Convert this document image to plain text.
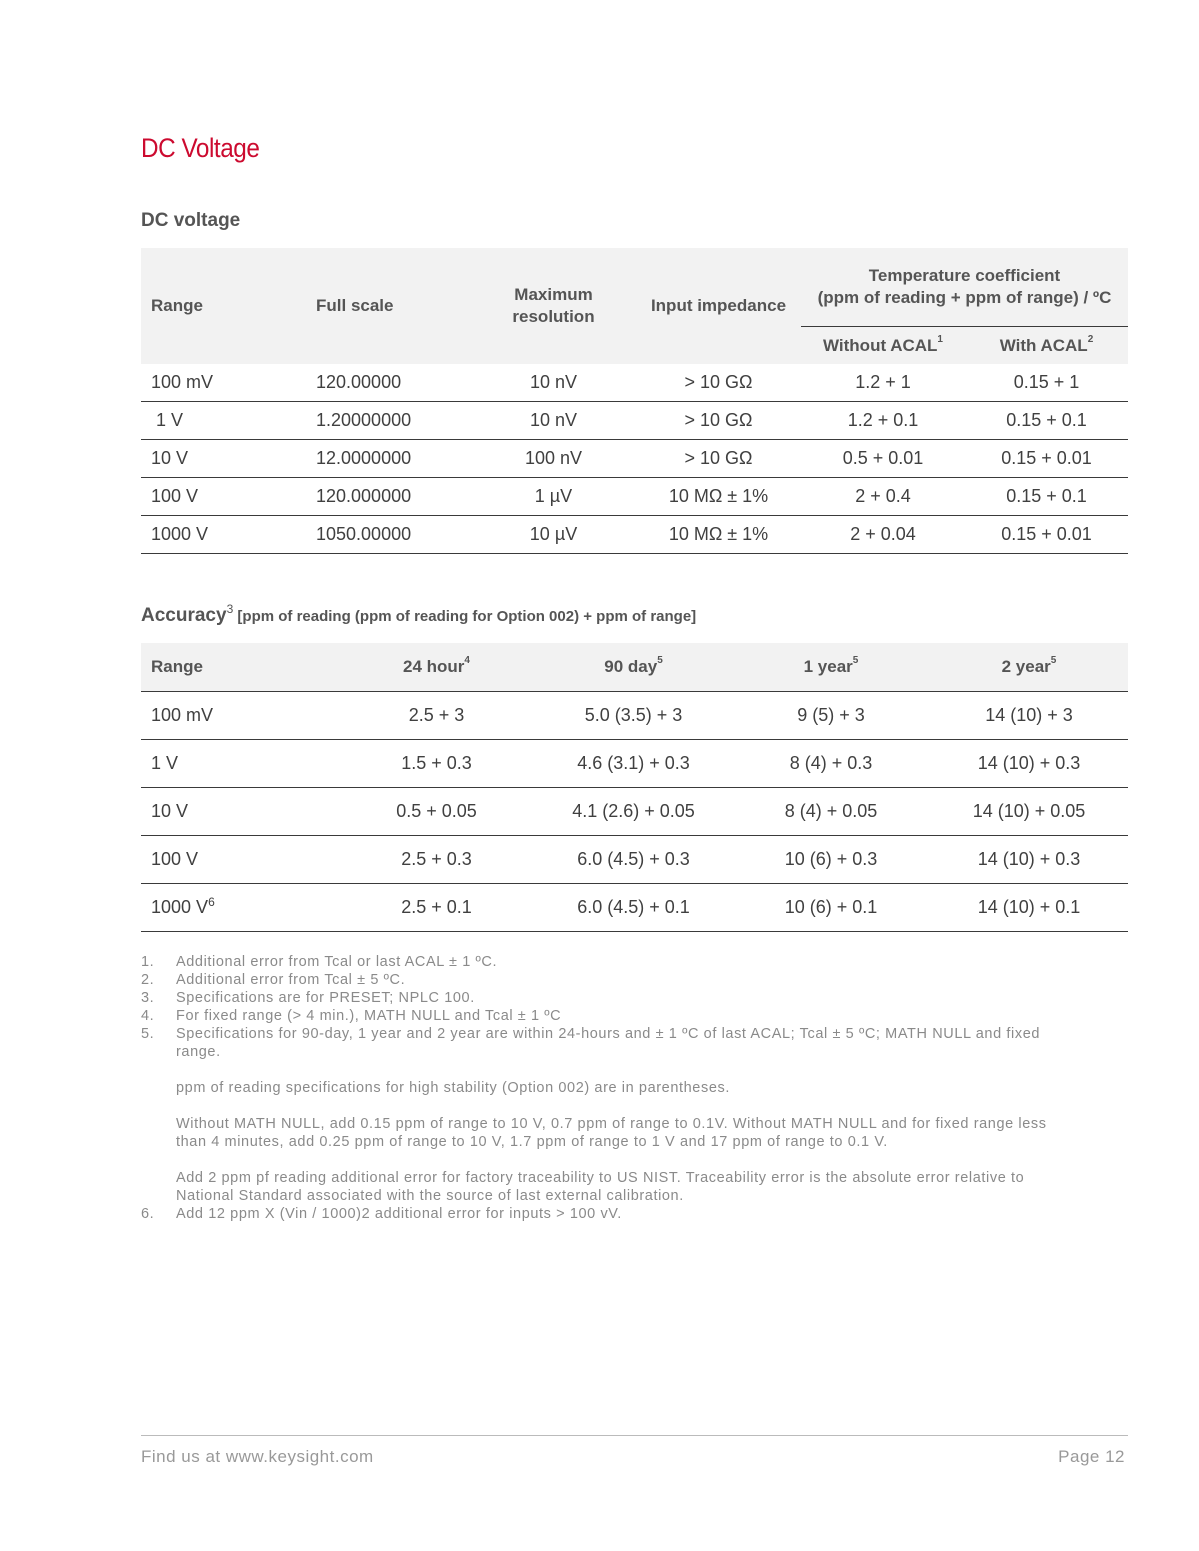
DC Voltage
DC voltage
Range	Full scale	Maximum resolution	Input impedance	Temperature coefficient
(ppm of reading + ppm of range) / ºC	

				Without ACAL$^1$	With ACAL$^2$
100 mV	120.00000	10 nV	> 10 GΩ	1.2 + 1	0.15 + 1
1 V	1.20000000	10 nV	> 10 GΩ	1.2 + 0.1	0.15 + 0.1
10 V	12.0000000	100 nV	> 10 GΩ	0.5 + 0.01	0.15 + 0.01
100 V	120.000000	1 µV	10 MΩ ± 1%	2 + 0.4	0.15 + 0.1
1000 V	1050.00000	10 µV	10 MΩ ± 1%	2 + 0.04	0.15 + 0.01
Accuracy$^3$ [ppm of reading (ppm of reading for Option 002) + ppm of range]
Range	24 hour$^4$	90 day$^5$	1 year$^5$	2 year$^5$
100 mV	2.5 + 3	5.0 (3.5) + 3	9 (5) + 3	14 (10) + 3
1 V	1.5 + 0.3	4.6 (3.1) + 0.3	8 (4) + 0.3	14 (10) + 0.3
10 V	0.5 + 0.05	4.1 (2.6) + 0.05	8 (4) + 0.05	14 (10) + 0.05
100 V	2.5 + 0.3	6.0 (4.5) + 0.3	10 (6) + 0.3	14 (10) + 0.3
1000 $V^6$	2.5 + 0.1	6.0 (4.5) + 0.1	10 (6) + 0.1	14 (10) + 0.1
1.	Additional error from Tcal or last ACAL ± 1 ºC.
2.	Additional error from Tcal ± 5 ºC.
3.	Specifications are for PRESET; NPLC 100.
4.	For fixed range (> 4 min.), MATH NULL and Tcal ± 1 ºC
5.	Specifications for 90-day, 1 year and 2 year are within 24-hours and ± 1 ºC of last ACAL; Tcal ± 5 ºC; MATH NULL and fixed range.
ppm of reading specifications for high stability (Option 002) are in parentheses.
Without MATH NULL, add 0.15 ppm of range to 10 V, 0.7 ppm of range to 0.1V. Without MATH NULL and for fixed range less than 4 minutes, add 0.25 ppm of range to 10 V, 1.7 ppm of range to 1 V and 17 ppm of range to 0.1 V.
Add 2 ppm pf reading additional error for factory traceability to US NIST. Traceability error is the absolute error relative to National Standard associated with the source of last external calibration.
6.	Add 12 ppm X (Vin / 1000)2 additional error for inputs > 100 vV.
Find us at www.keysight.com	Page 12
